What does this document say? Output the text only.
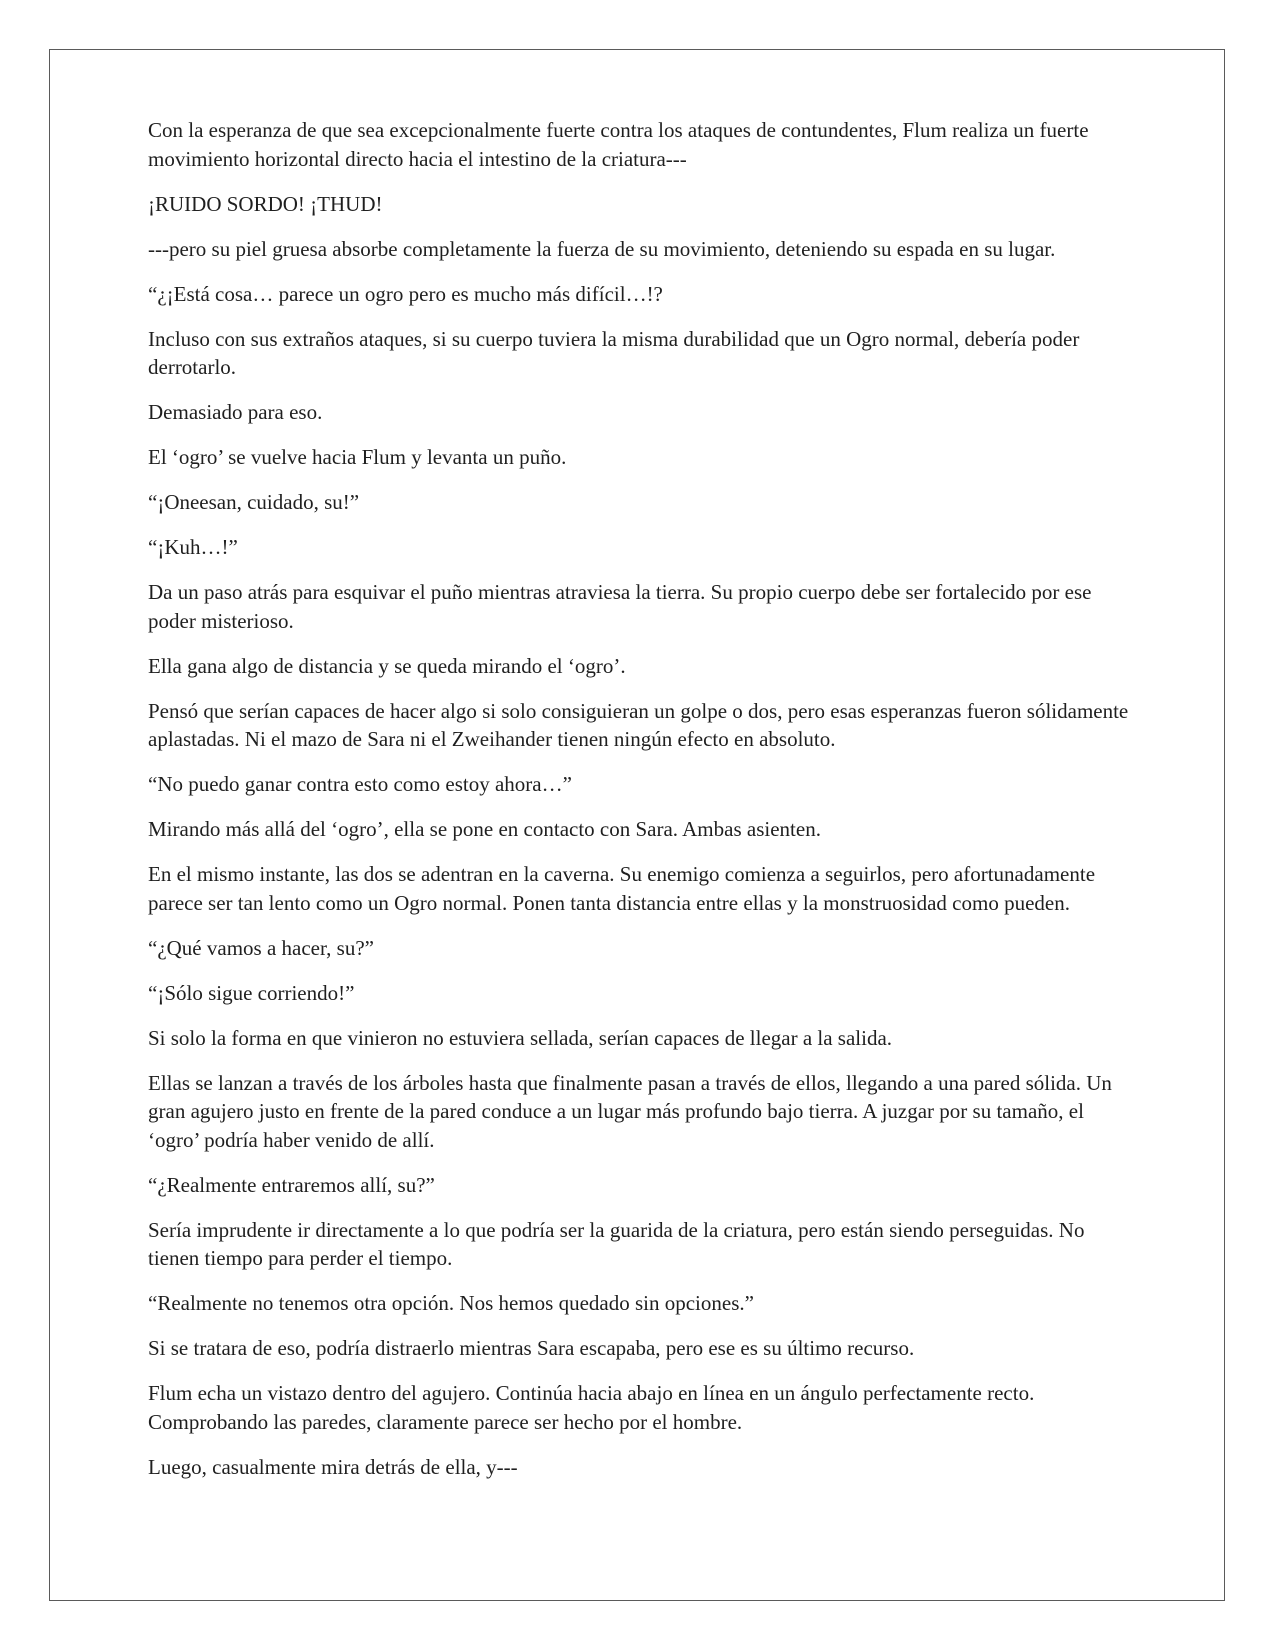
Con la esperanza de que sea excepcionalmente fuerte contra los ataques de contundentes, Flum realiza un fuerte movimiento horizontal directo hacia el intestino de la criatura---

¡RUIDO SORDO! ¡THUD!

---pero su piel gruesa absorbe completamente la fuerza de su movimiento, deteniendo su espada en su lugar.

“¿¡Está cosa… parece un ogro pero es mucho más difícil…!?

Incluso con sus extraños ataques, si su cuerpo tuviera la misma durabilidad que un Ogro normal, debería poder derrotarlo.

Demasiado para eso.

El ‘ogro’ se vuelve hacia Flum y levanta un puño.

“¡Oneesan, cuidado, su!”

“¡Kuh…!”

Da un paso atrás para esquivar el puño mientras atraviesa la tierra. Su propio cuerpo debe ser fortalecido por ese poder misterioso.

Ella gana algo de distancia y se queda mirando el ‘ogro’.

Pensó que serían capaces de hacer algo si solo consiguieran un golpe o dos, pero esas esperanzas fueron sólidamente aplastadas. Ni el mazo de Sara ni el Zweihander tienen ningún efecto en absoluto.

“No puedo ganar contra esto como estoy ahora…”

Mirando más allá del ‘ogro’, ella se pone en contacto con Sara. Ambas asienten.

En el mismo instante, las dos se adentran en la caverna. Su enemigo comienza a seguirlos, pero afortunadamente parece ser tan lento como un Ogro normal. Ponen tanta distancia entre ellas y la monstruosidad como pueden.

“¿Qué vamos a hacer, su?”

“¡Sólo sigue corriendo!”

Si solo la forma en que vinieron no estuviera sellada, serían capaces de llegar a la salida.

Ellas se lanzan a través de los árboles hasta que finalmente pasan a través de ellos, llegando a una pared sólida. Un gran agujero justo en frente de la pared conduce a un lugar más profundo bajo tierra. A juzgar por su tamaño, el ‘ogro’ podría haber venido de allí.

“¿Realmente entraremos allí, su?”

Sería imprudente ir directamente a lo que podría ser la guarida de la criatura, pero están siendo perseguidas. No tienen tiempo para perder el tiempo.

“Realmente no tenemos otra opción. Nos hemos quedado sin opciones.”

Si se tratara de eso, podría distraerlo mientras Sara escapaba, pero ese es su último recurso.

Flum echa un vistazo dentro del agujero. Continúa hacia abajo en línea en un ángulo perfectamente recto. Comprobando las paredes, claramente parece ser hecho por el hombre.

Luego, casualmente mira detrás de ella, y---
